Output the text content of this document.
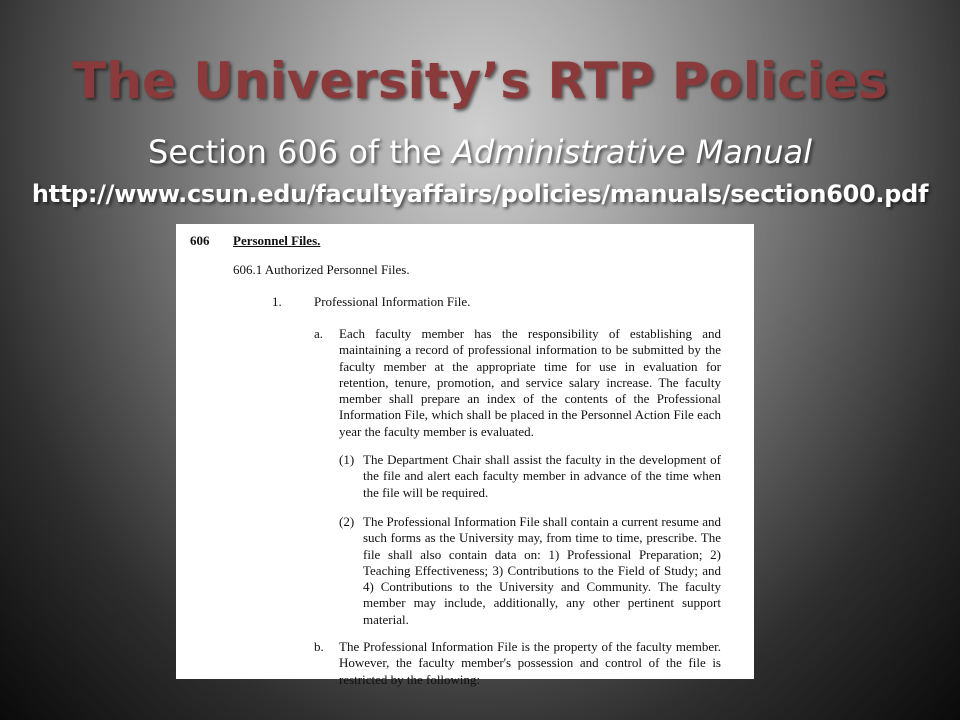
The University’s RTP Policies
Section 606 of the Administrative Manual
http://www.csun.edu/facultyaffairs/policies/manuals/section600.pdf
606 Personnel Files.
606.1 Authorized Personnel Files.
1. Professional Information File.
a. Each faculty member has the responsibility of establishing and maintaining a record of professional information to be submitted by the faculty member at the appropriate time for use in evaluation for retention, tenure, promotion, and service salary increase. The faculty member shall prepare an index of the contents of the Professional Information File, which shall be placed in the Personnel Action File each year the faculty member is evaluated.
(1) The Department Chair shall assist the faculty in the development of the file and alert each faculty member in advance of the time when the file will be required.
(2) The Professional Information File shall contain a current resume and such forms as the University may, from time to time, prescribe. The file shall also contain data on: 1) Professional Preparation; 2) Teaching Effectiveness; 3) Contributions to the Field of Study; and 4) Contributions to the University and Community. The faculty member may include, additionally, any other pertinent support material.
b. The Professional Information File is the property of the faculty member. However, the faculty member's possession and control of the file is restricted by the following:
